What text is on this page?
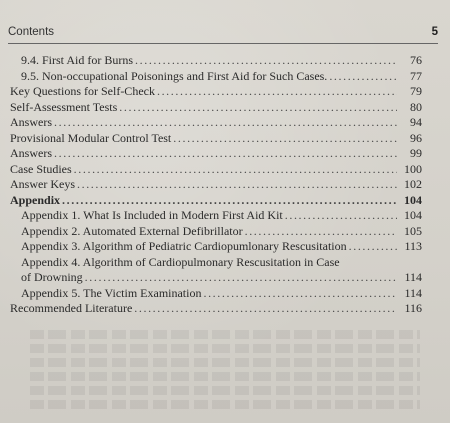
Contents	5
9.4. First Aid for Burns .....	76
9.5. Non-occupational Poisonings and First Aid for Such Cases. .....	77
Key Questions for Self-Check .....	79
Self-Assessment Tests .....	80
Answers .....	94
Provisional Modular Control Test .....	96
Answers .....	99
Case Studies .....	100
Answer Keys .....	102
Appendix .....	104
Appendix 1. What Is Included in Modern First Aid Kit .....	104
Appendix 2. Automated External Defibrillator .....	105
Appendix 3. Algorithm of Pediatric Cardiopumlonary Rescusitation .....	113
Appendix 4. Algorithm of Cardiopulmonary Rescusitation in Case
of Drowning .....	114
Appendix 5. The Victim Examination .....	114
Recommended Literature .....	116
